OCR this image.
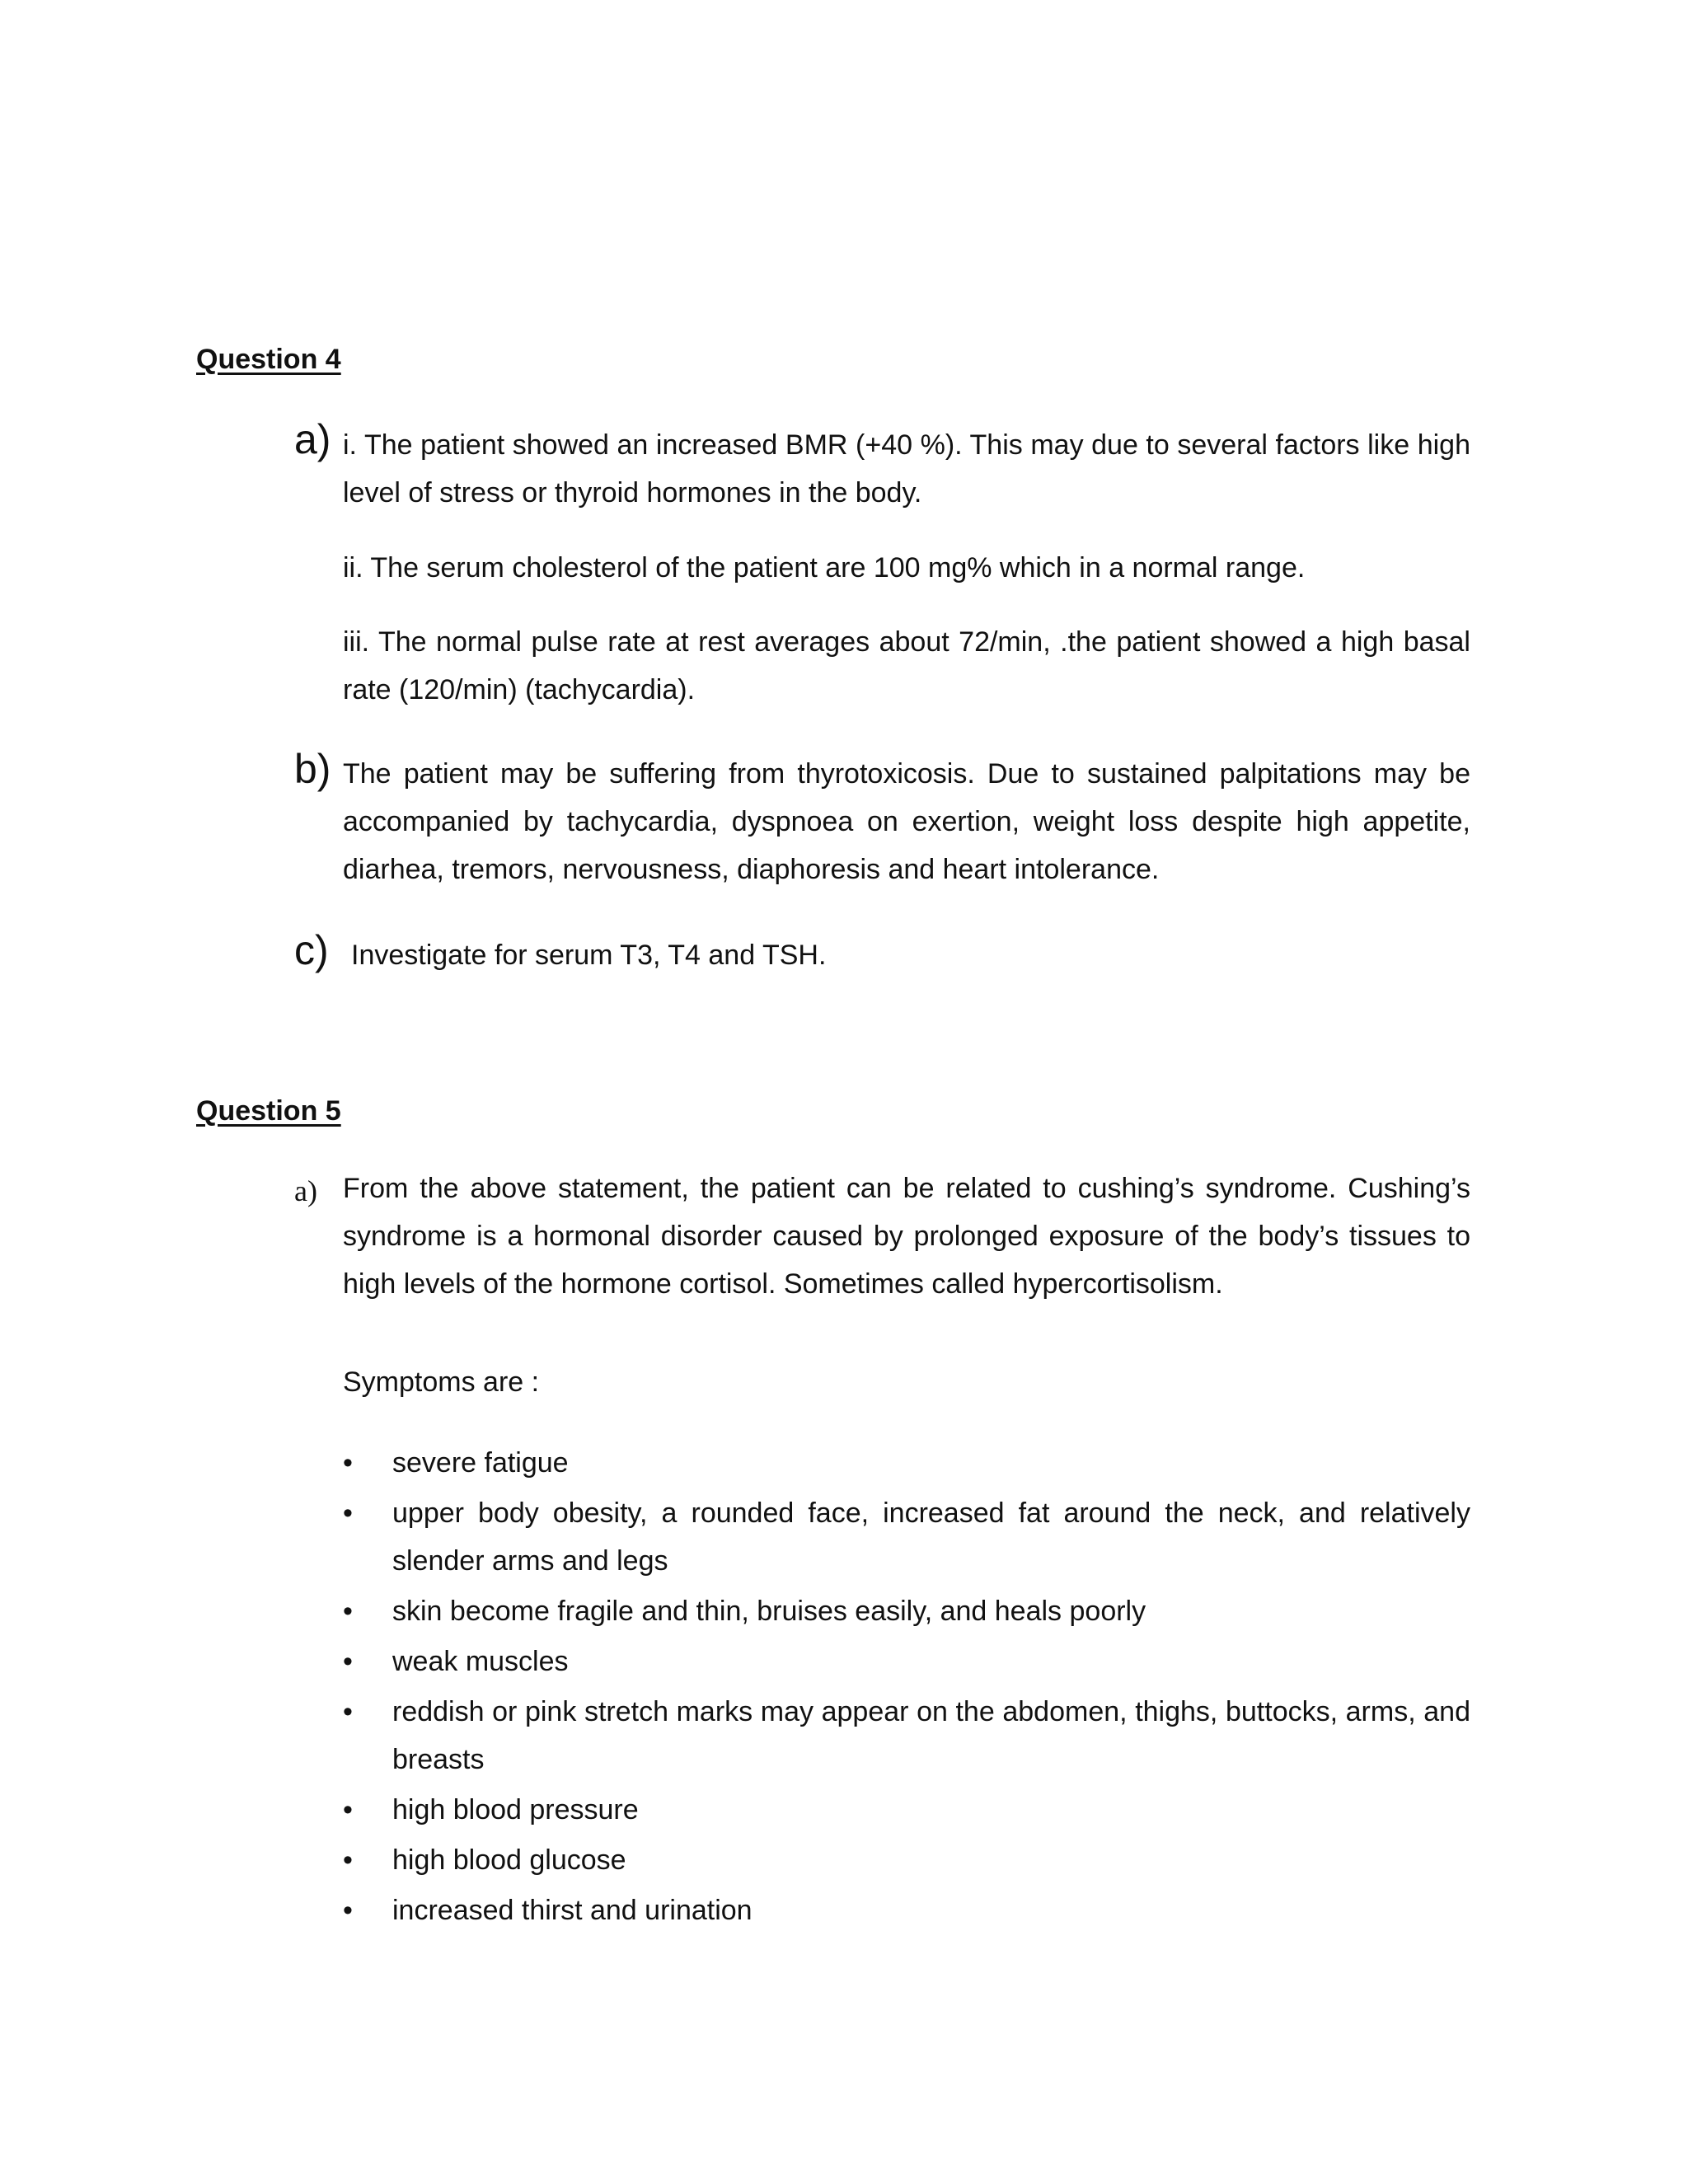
Question 4
a) i. The patient showed an increased BMR (+40 %). This may due to several factors like high level of stress or thyroid hormones in the body.

ii. The serum cholesterol of the patient are 100 mg% which in a normal range.

iii. The normal pulse rate at rest averages about 72/min, .the patient showed a high basal rate (120/min) (tachycardia).

b) The patient may be suffering from thyrotoxicosis. Due to sustained palpitations may be accompanied by tachycardia, dyspnoea on exertion, weight loss despite high appetite, diarhea, tremors, nervousness, diaphoresis and heart intolerance.

c) Investigate for serum T3, T4 and TSH.

Question 5
a) From the above statement, the patient can be related to cushing’s syndrome. Cushing’s syndrome is a hormonal disorder caused by prolonged exposure of the body’s tissues to high levels of the hormone cortisol. Sometimes called hypercortisolism.

Symptoms are :

• severe fatigue
• upper body obesity, a rounded face, increased fat around the neck, and relatively slender arms and legs
• skin become fragile and thin, bruises easily, and heals poorly
• weak muscles
• reddish or pink stretch marks may appear on the abdomen, thighs, buttocks, arms, and breasts
• high blood pressure
• high blood glucose
• increased thirst and urination
